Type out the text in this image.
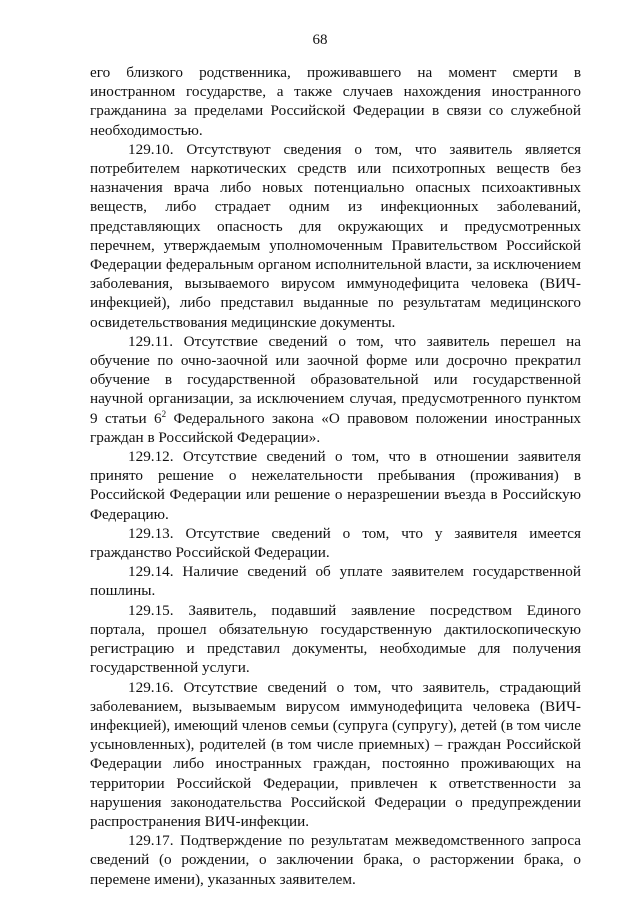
68

его близкого родственника, проживавшего на момент смерти в иностранном государстве, а также случаев нахождения иностранного гражданина за пределами Российской Федерации в связи со служебной необходимостью.

129.10. Отсутствуют сведения о том, что заявитель является потребителем наркотических средств или психотропных веществ без назначения врача либо новых потенциально опасных психоактивных веществ, либо страдает одним из инфекционных заболеваний, представляющих опасность для окружающих и предусмотренных перечнем, утверждаемым уполномоченным Правительством Российской Федерации федеральным органом исполнительной власти, за исключением заболевания, вызываемого вирусом иммунодефицита человека (ВИЧ-инфекцией), либо представил выданные по результатам медицинского освидетельствования медицинские документы.

129.11. Отсутствие сведений о том, что заявитель перешел на обучение по очно-заочной или заочной форме или досрочно прекратил обучение в государственной образовательной или государственной научной организации, за исключением случая, предусмотренного пунктом 9 статьи $6^2$ Федерального закона «О правовом положении иностранных граждан в Российской Федерации».

129.12. Отсутствие сведений о том, что в отношении заявителя принято решение о нежелательности пребывания (проживания) в Российской Федерации или решение о неразрешении въезда в Российскую Федерацию.

129.13. Отсутствие сведений о том, что у заявителя имеется гражданство Российской Федерации.

129.14. Наличие сведений об уплате заявителем государственной пошлины.

129.15. Заявитель, подавший заявление посредством Единого портала, прошел обязательную государственную дактилоскопическую регистрацию и представил документы, необходимые для получения государственной услуги.

129.16. Отсутствие сведений о том, что заявитель, страдающий заболеванием, вызываемым вирусом иммунодефицита человека (ВИЧ-инфекцией), имеющий членов семьи (супруга (супругу), детей (в том числе усыновленных), родителей (в том числе приемных) – граждан Российской Федерации либо иностранных граждан, постоянно проживающих на территории Российской Федерации, привлечен к ответственности за нарушения законодательства Российской Федерации о предупреждении распространения ВИЧ-инфекции.

129.17. Подтверждение по результатам межведомственного запроса сведений (о рождении, о заключении брака, о расторжении брака, о перемене имени), указанных заявителем.
